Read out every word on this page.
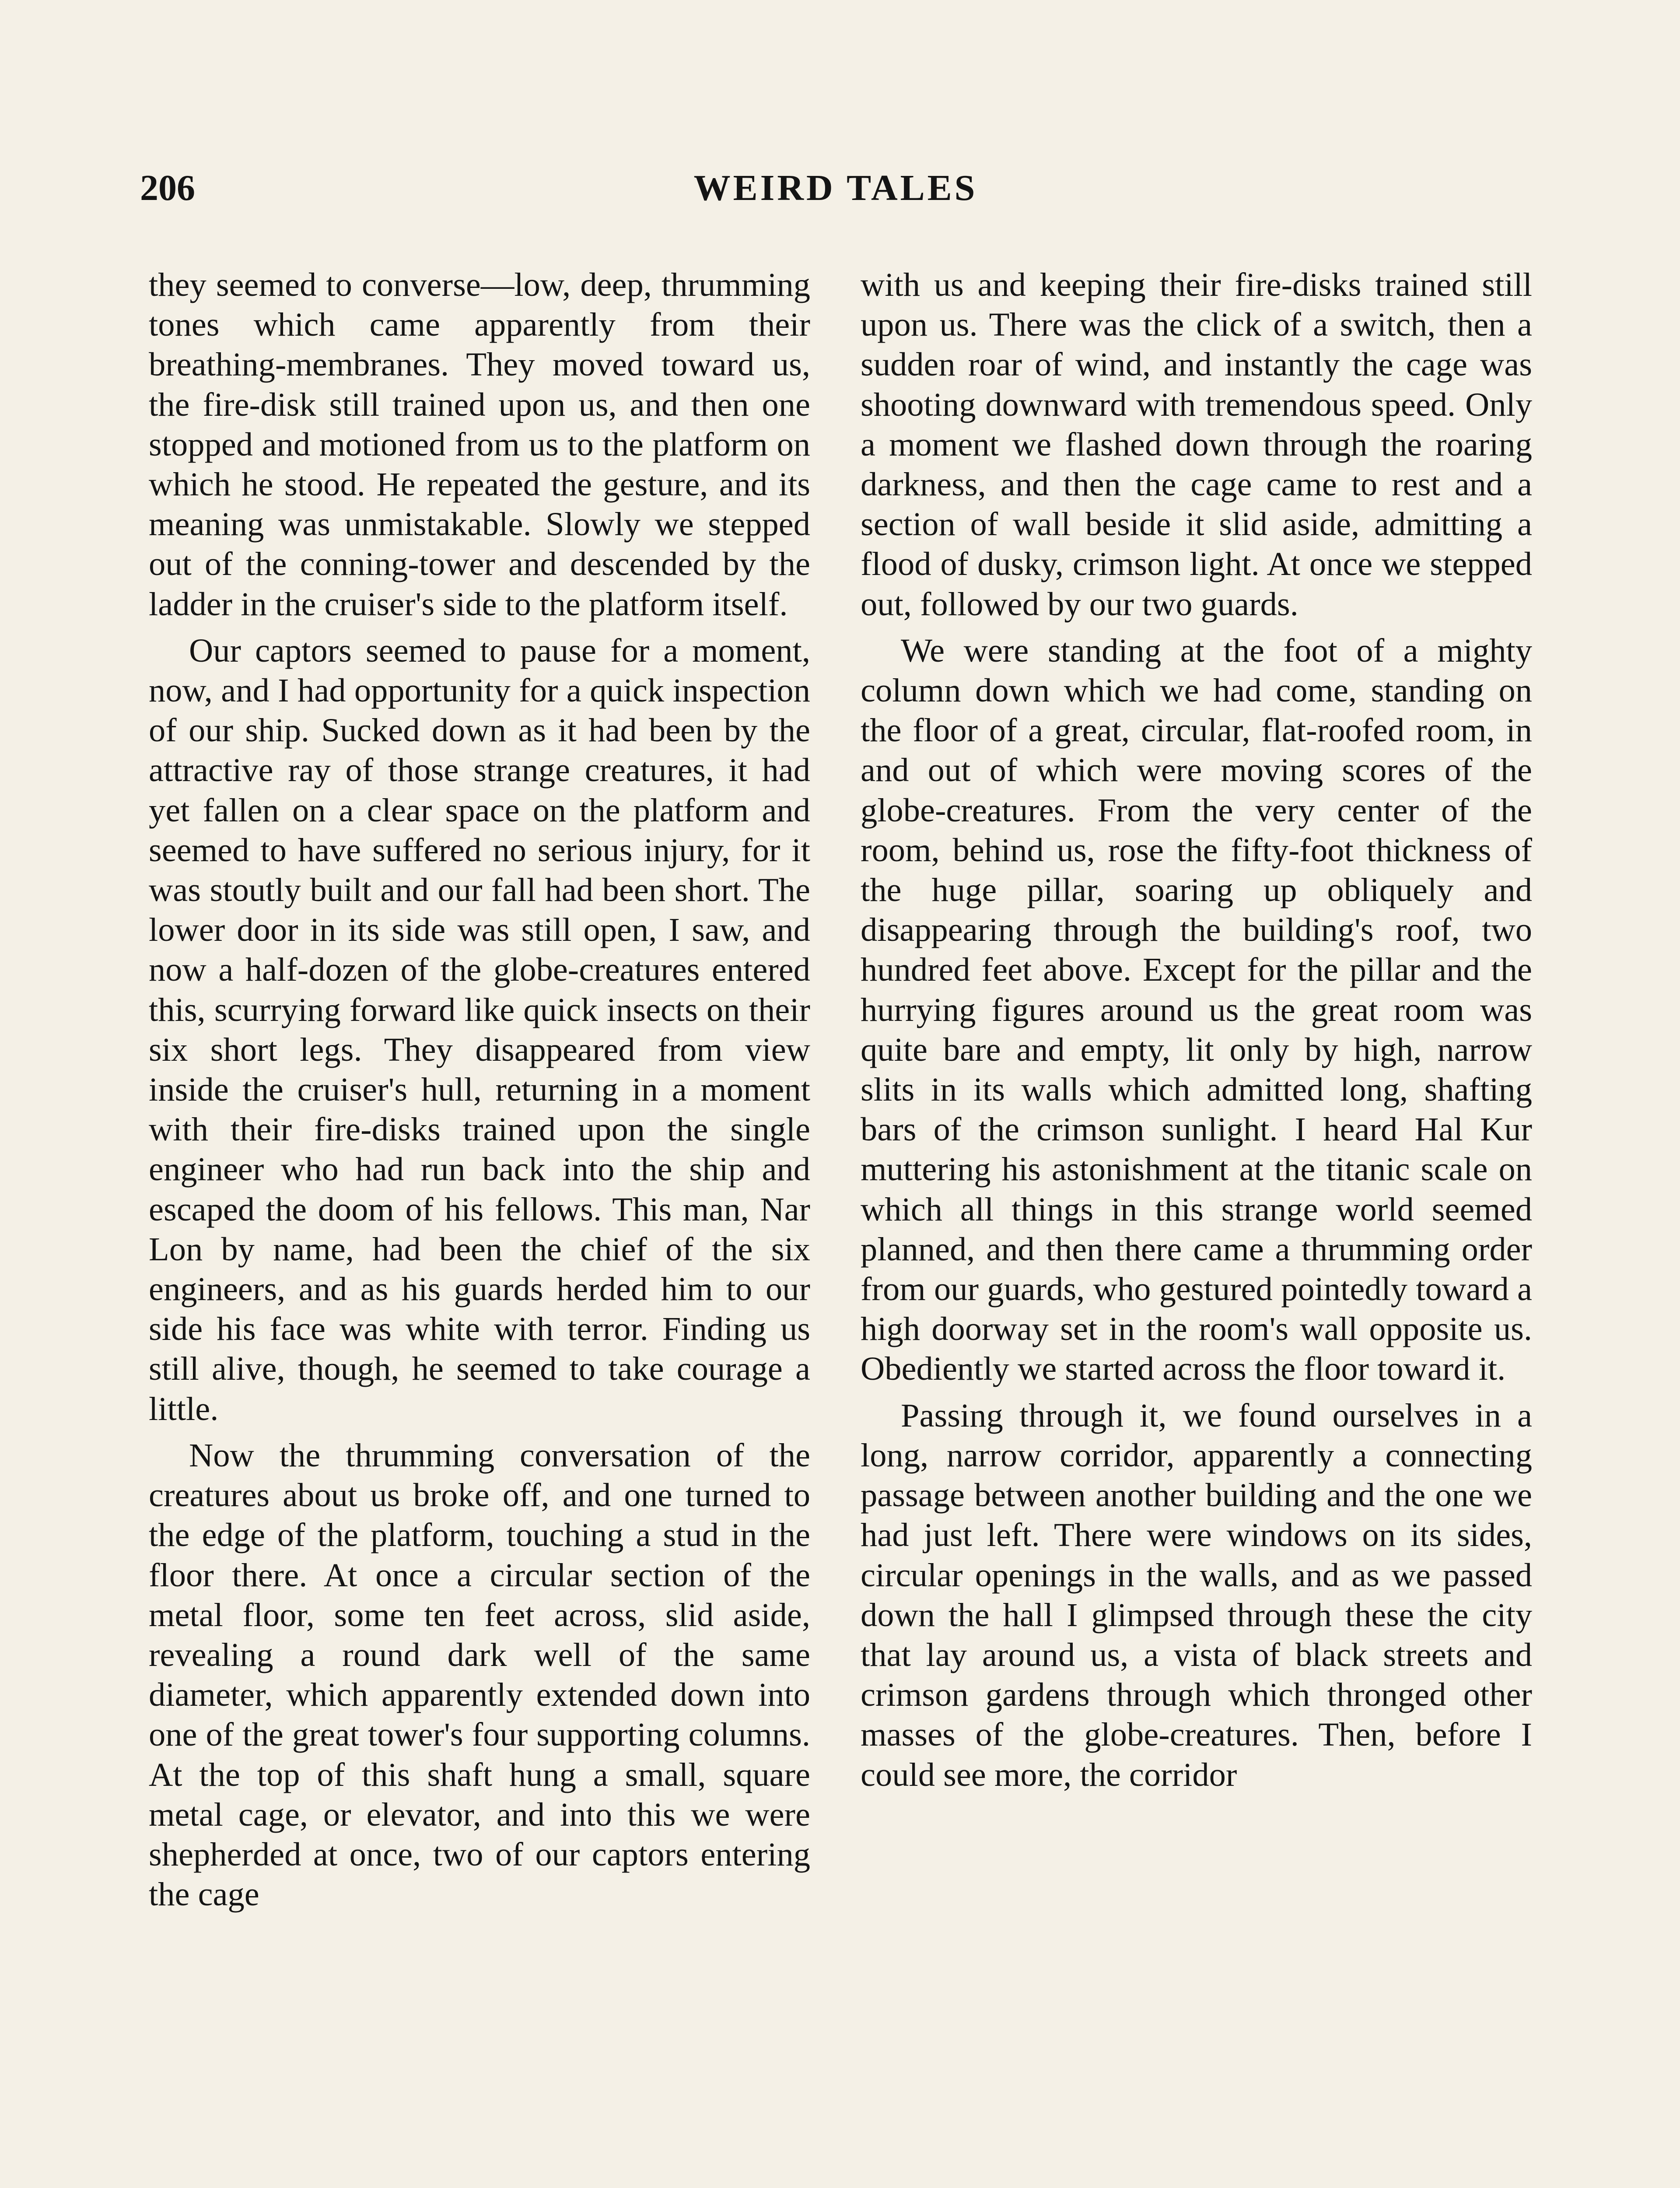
206	WEIRD TALES

they seemed to converse—low, deep, thrumming tones which came apparently from their breathing-membranes. They moved toward us, the fire-disk still trained upon us, and then one stopped and motioned from us to the platform on which he stood. He repeated the gesture, and its meaning was unmistakable. Slowly we stepped out of the conning-tower and descended by the ladder in the cruiser's side to the platform itself.

Our captors seemed to pause for a moment, now, and I had opportunity for a quick inspection of our ship. Sucked down as it had been by the attractive ray of those strange creatures, it had yet fallen on a clear space on the platform and seemed to have suffered no serious injury, for it was stoutly built and our fall had been short. The lower door in its side was still open, I saw, and now a half-dozen of the globe-creatures entered this, scurrying forward like quick insects on their six short legs. They disappeared from view inside the cruiser's hull, returning in a moment with their fire-disks trained upon the single engineer who had run back into the ship and escaped the doom of his fellows. This man, Nar Lon by name, had been the chief of the six engineers, and as his guards herded him to our side his face was white with terror. Finding us still alive, though, he seemed to take courage a little.

Now the thrumming conversation of the creatures about us broke off, and one turned to the edge of the platform, touching a stud in the floor there. At once a circular section of the metal floor, some ten feet across, slid aside, revealing a round dark well of the same diameter, which apparently extended down into one of the great tower's four supporting columns. At the top of this shaft hung a small, square metal cage, or elevator, and into this we were shepherded at once, two of our captors entering the cage

with us and keeping their fire-disks trained still upon us. There was the click of a switch, then a sudden roar of wind, and instantly the cage was shooting downward with tremendous speed. Only a moment we flashed down through the roaring darkness, and then the cage came to rest and a section of wall beside it slid aside, admitting a flood of dusky, crimson light. At once we stepped out, followed by our two guards.

We were standing at the foot of a mighty column down which we had come, standing on the floor of a great, circular, flat-roofed room, in and out of which were moving scores of the globe-creatures. From the very center of the room, behind us, rose the fifty-foot thickness of the huge pillar, soaring up obliquely and disappearing through the building's roof, two hundred feet above. Except for the pillar and the hurrying figures around us the great room was quite bare and empty, lit only by high, narrow slits in its walls which admitted long, shafting bars of the crimson sunlight. I heard Hal Kur muttering his astonishment at the titanic scale on which all things in this strange world seemed planned, and then there came a thrumming order from our guards, who gestured pointedly toward a high doorway set in the room's wall opposite us. Obediently we started across the floor toward it.

Passing through it, we found ourselves in a long, narrow corridor, apparently a connecting passage between another building and the one we had just left. There were windows on its sides, circular openings in the walls, and as we passed down the hall I glimpsed through these the city that lay around us, a vista of black streets and crimson gardens through which thronged other masses of the globe-creatures. Then, before I could see more, the corridor
